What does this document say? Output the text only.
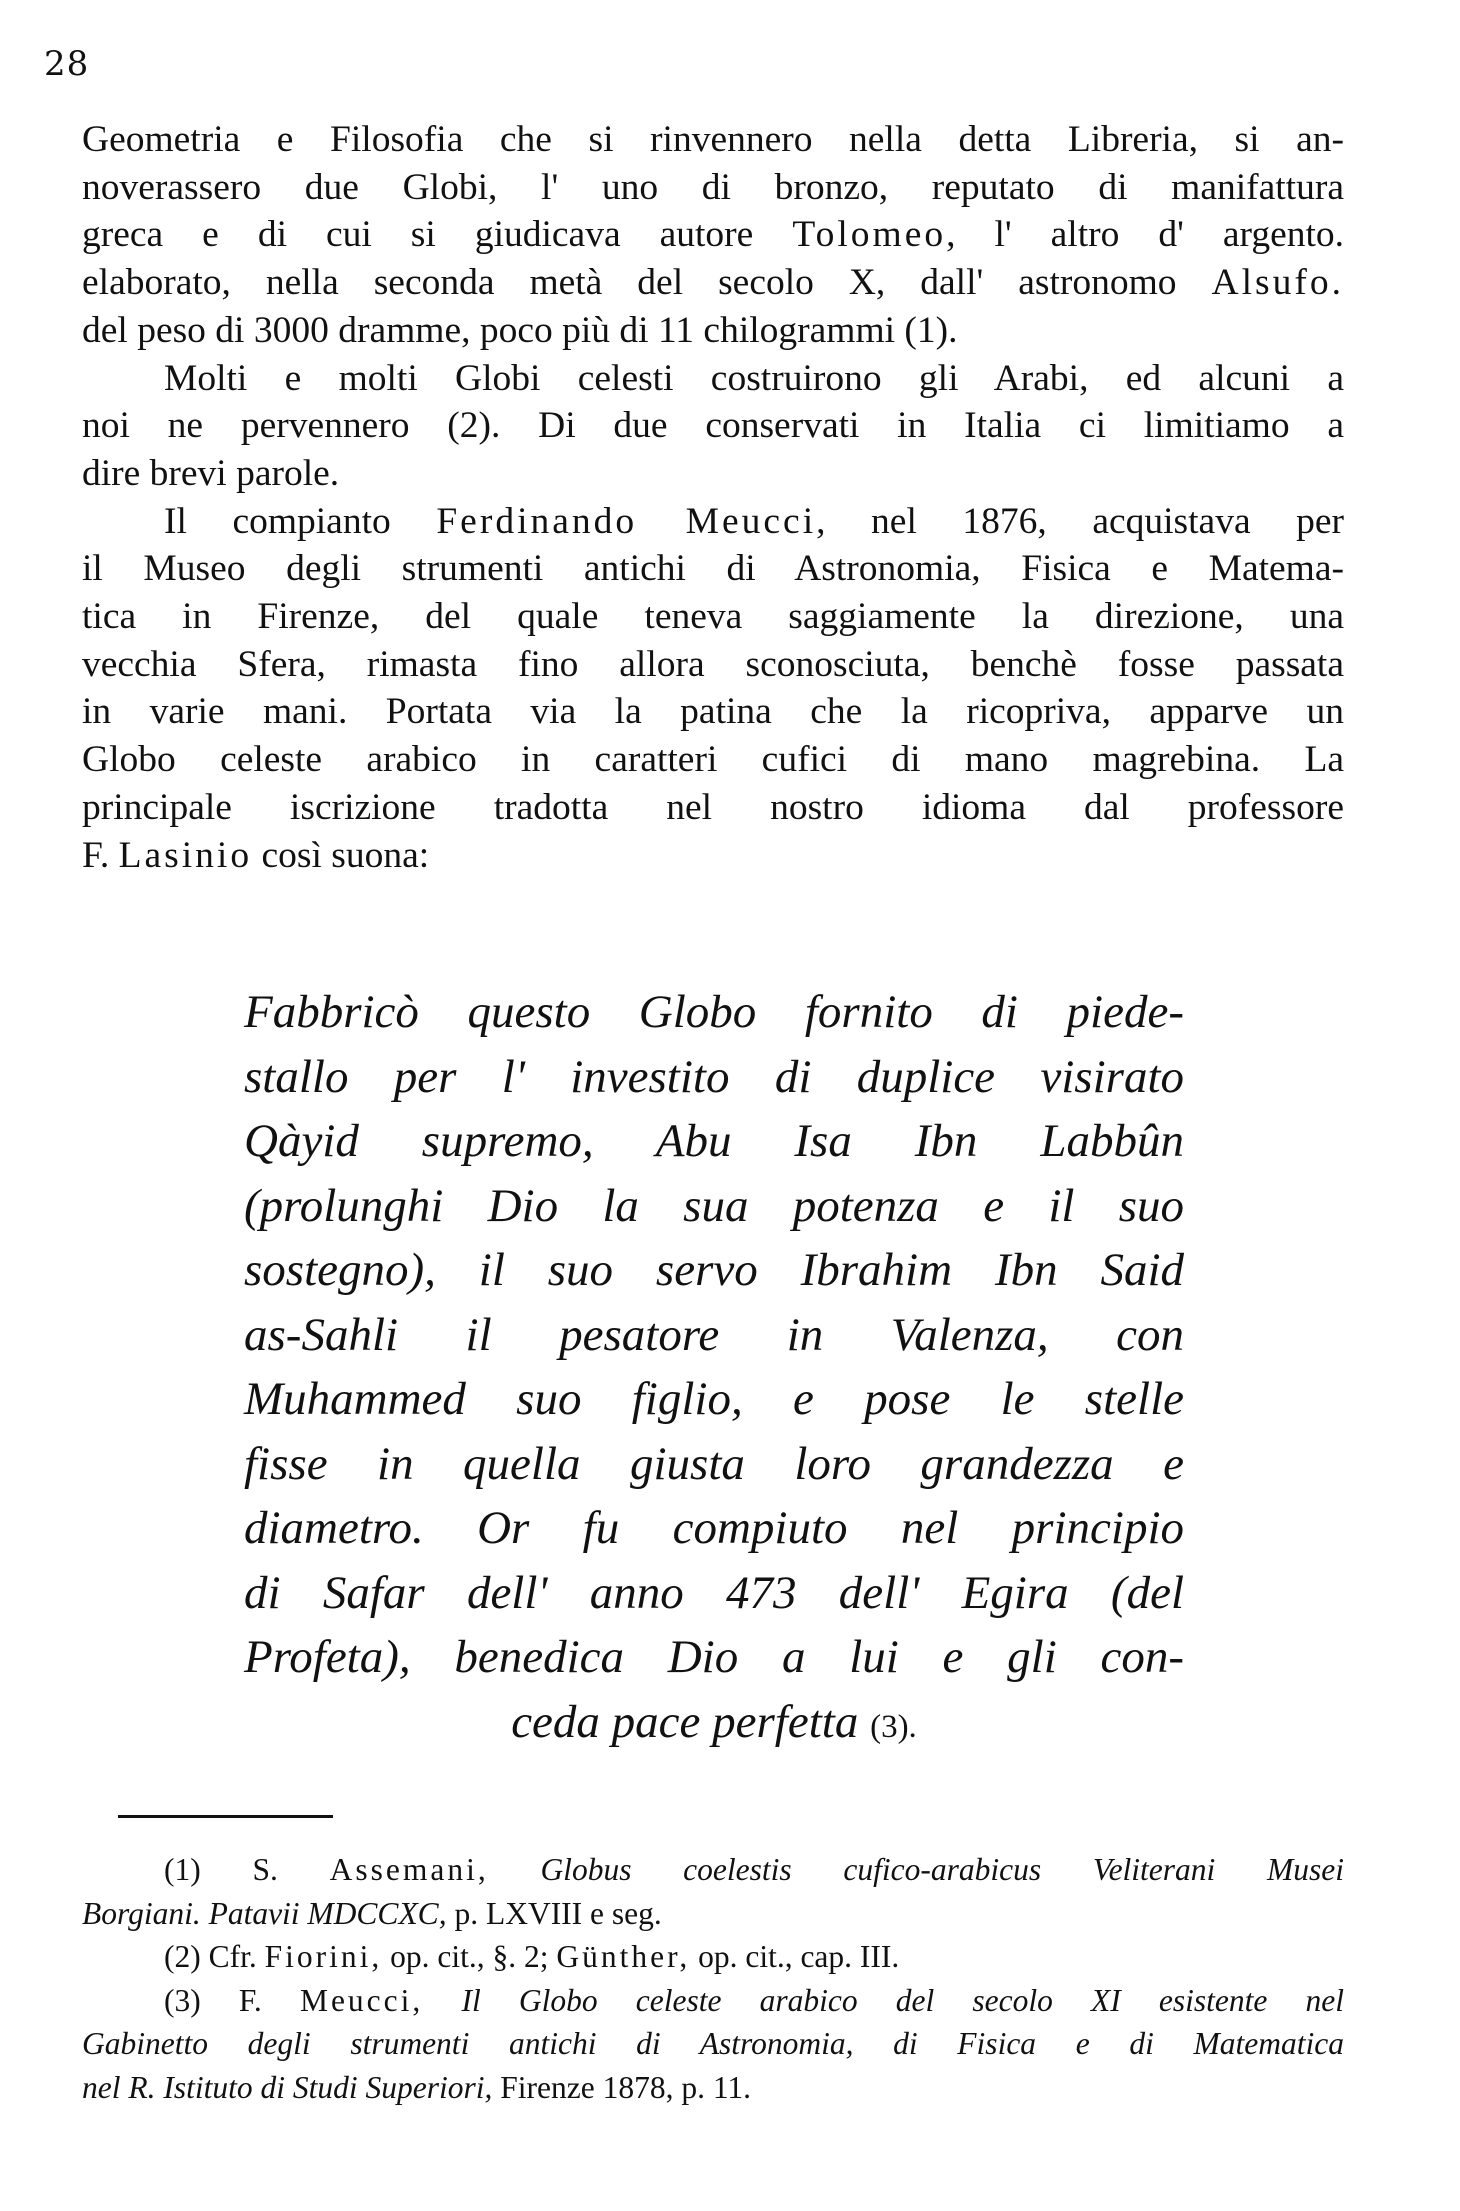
28

Geometria e Filosofia che si rinvennero nella detta Libreria, si an-

noverassero due Globi, l' uno di bronzo, reputato di manifattura

greca e di cui si giudicava autore Tolomeo, l' altro d' argento.

elaborato, nella seconda metà del secolo X, dall' astronomo Alsufo.

del peso di 3000 dramme, poco più di 11 chilogrammi (1).

Molti e molti Globi celesti costruirono gli Arabi, ed alcuni a

noi ne pervennero (2). Di due conservati in Italia ci limitiamo a

dire brevi parole.

Il compianto Ferdinando Meucci, nel 1876, acquistava per

il Museo degli strumenti antichi di Astronomia, Fisica e Matema-

tica in Firenze, del quale teneva saggiamente la direzione, una

vecchia Sfera, rimasta fino allora sconosciuta, benchè fosse passata

in varie mani. Portata via la patina che la ricopriva, apparve un

Globo celeste arabico in caratteri cufici di mano magrebina. La

principale iscrizione tradotta nel nostro idioma dal professore

F. Lasinio così suona:

Fabbricò questo Globo fornito di piede-

stallo per l' investito di duplice visirato

Qàyid supremo, Abu Isa Ibn Labbûn

(prolunghi Dio la sua potenza e il suo

sostegno), il suo servo Ibrahim Ibn Said

as-Sahli il pesatore in Valenza, con

Muhammed suo figlio, e pose le stelle

fisse in quella giusta loro grandezza e

diametro. Or fu compiuto nel principio

di Safar dell' anno 473 dell' Egira (del

Profeta), benedica Dio a lui e gli con-

ceda pace perfetta (3).

(1) S. Assemani, Globus coelestis cufico-arabicus Veliterani Musei

Borgiani. Patavii MDCCXC, p. LXVIII e seg.

(2) Cfr. Fiorini, op. cit., §. 2; Günther, op. cit., cap. III.

(3) F. Meucci, Il Globo celeste arabico del secolo XI esistente nel

Gabinetto degli strumenti antichi di Astronomia, di Fisica e di Matematica

nel R. Istituto di Studi Superiori, Firenze 1878, p. 11.
